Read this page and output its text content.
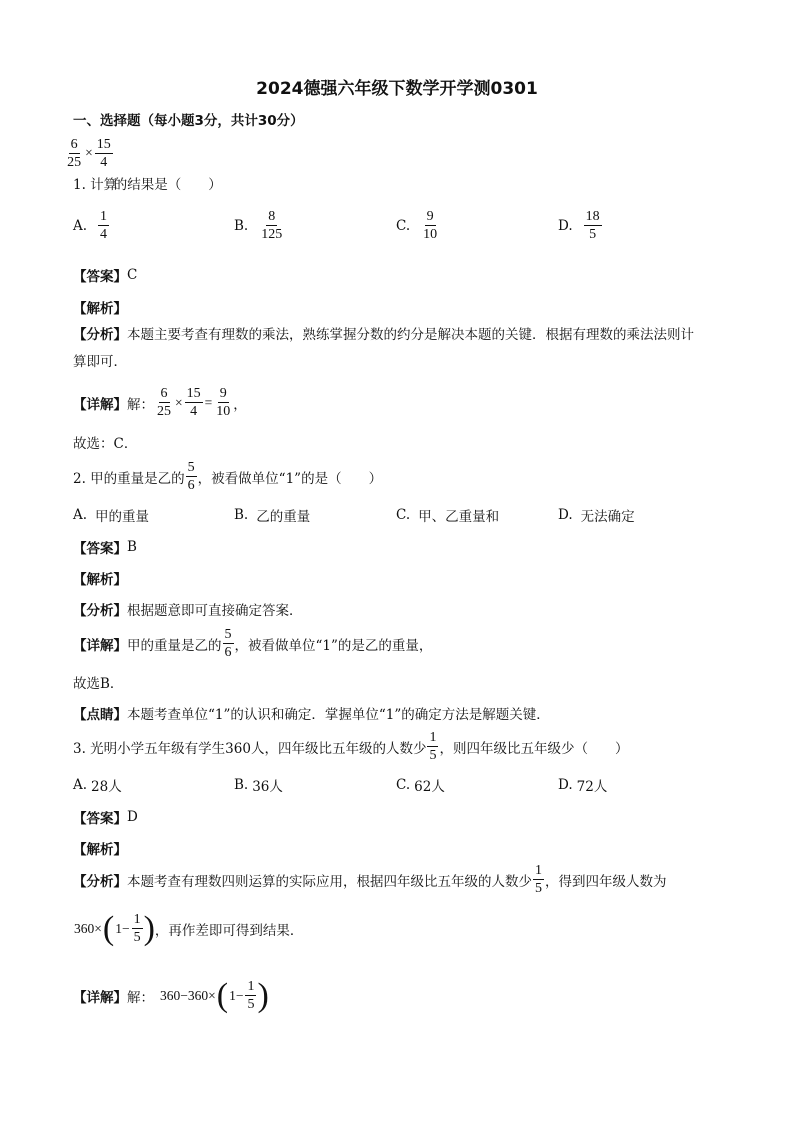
2024德强六年级下数学开学测0301
一、选择题（每小题3分，共计30分）
1. 计算
$\frac{6}{25} \times \frac{15}{4}$
的结果是（　　）
A. $\frac{1}{4}$	B. $\frac{8}{125}$	C. $\frac{9}{10}$	D. $\frac{18}{5}$
【答案】 C
【解析】
【分析】本题主要考查有理数的乘法，熟练掌握分数的约分是解决本题的关键．根据有理数的乘法法则计
算即可．
【详解】 解： $\frac{6}{25} \times \frac{15}{4} = \frac{9}{10}$ ，
故选：C．
2. 甲的重量是乙的 $\frac{5}{6}$ ，被看做单位“1”的是（　　）
A. 甲的重量	B. 乙的重量	C. 甲、乙重量和	D. 无法确定
【答案】 B
【解析】
【分析】 根据题意即可直接确定答案．
【详解】 甲的重量是乙的 $\frac{5}{6}$ ，被看做单位“1”的是乙的重量，
故选B．
【点睛】 本题考查单位“1”的认识和确定．掌握单位“1”的确定方法是解题关键．
3. 光明小学五年级有学生360人，四年级比五年级的人数少 $\frac{1}{5}$ ，则四年级比五年级少（　　）
A. 28人	B. 36人	C. 62人	D. 72人
【答案】 D
【解析】
【分析】 本题考查有理数四则运算的实际应用，根据四年级比五年级的人数少 $\frac{1}{5}$ ，得到四年级人数为
360× ( $1- \frac{1}{5}$ ) ，再作差即可得到结果．
【详解】 解： 360−360× ( $1- \frac{1}{5}$ )
